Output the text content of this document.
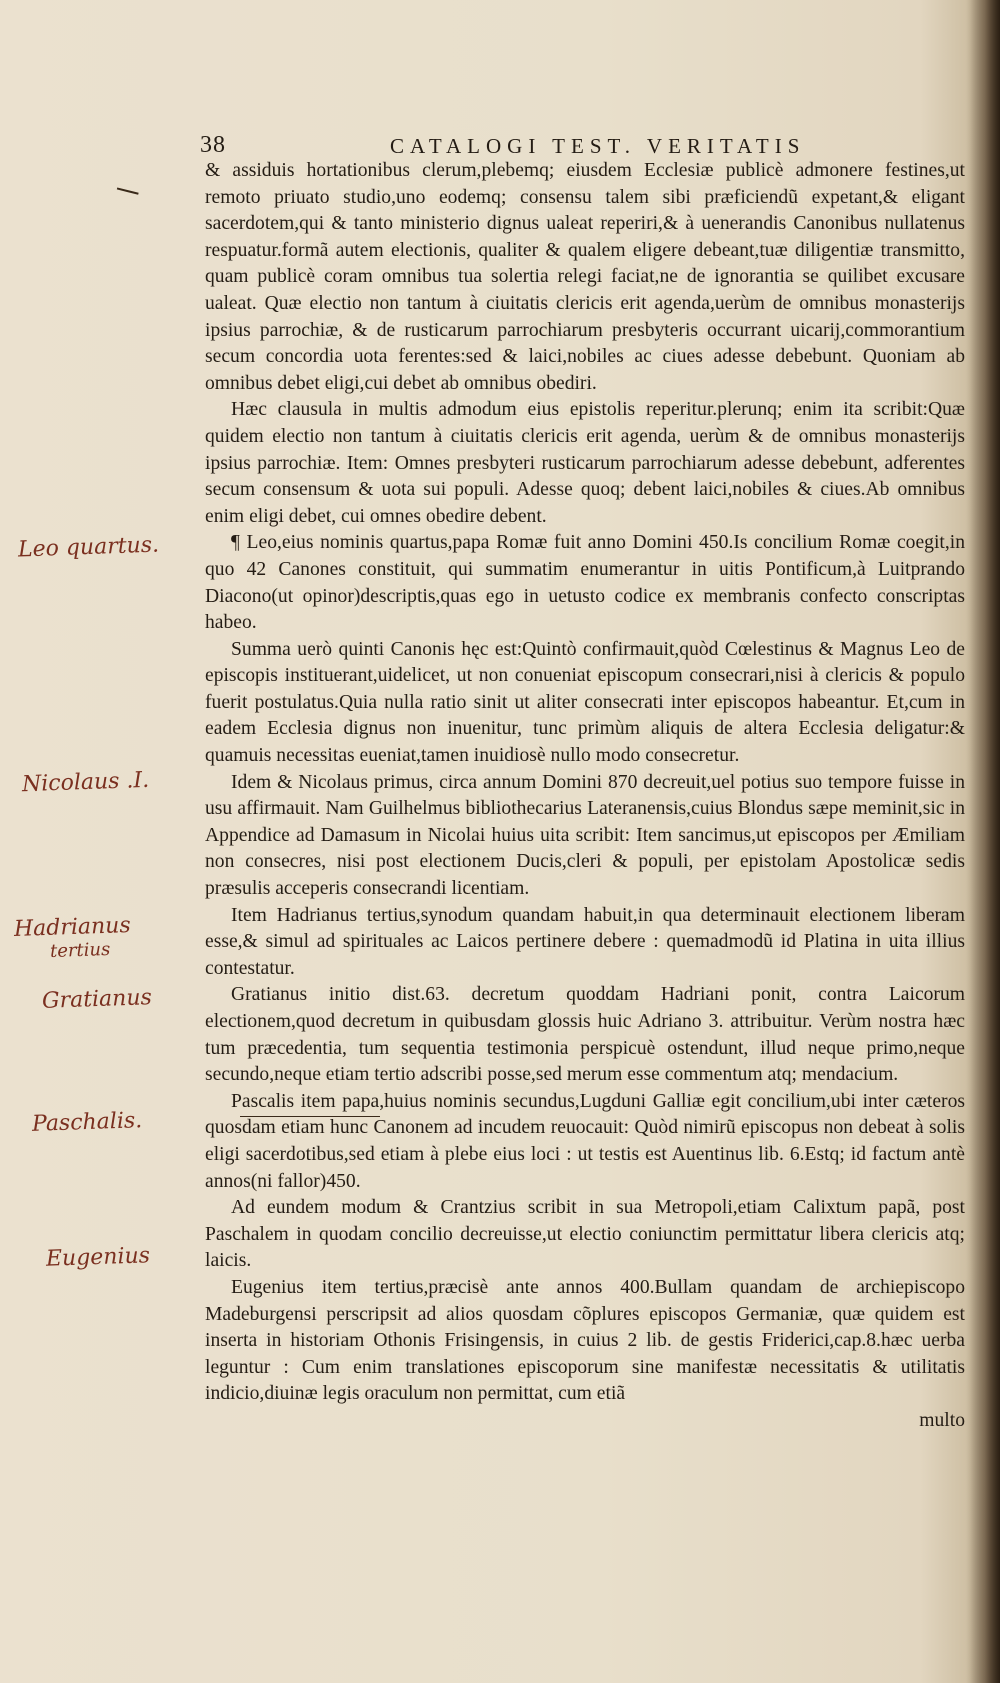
38	CATALOGI TEST. VERITATIS
Leo quartus.
Nicolaus .I.
Hadrianus
tertius
Gratianus
Paschalis.
Eugenius

& assiduis hortationibus clerum,plebemq; eiusdem Ecclesiæ publicè admonere festines,ut remoto priuato studio,uno eodemq; consensu talem sibi præficiendũ expetant,& eligant sacerdotem,qui & tanto ministerio dignus ualeat reperiri,& à uenerandis Canonibus nullatenus respuatur.formã autem electionis, qualiter & qualem eligere debeant,tuæ diligentiæ transmitto, quam publicè coram omnibus tua solertia relegi faciat,ne de ignorantia se quilibet excusare ualeat. Quæ electio non tantum à ciuitatis clericis erit agenda,uerùm de omnibus monasterijs ipsius parrochiæ, & de rusticarum parrochiarum presbyteris occurrant uicarij,commorantium secum concordia uota ferentes:sed & laici,nobiles ac ciues adesse debebunt. Quoniam ab omnibus debet eligi,cui debet ab omnibus obediri.

Hæc clausula in multis admodum eius epistolis reperitur.plerunq; enim ita scribit:Quæ quidem electio non tantum à ciuitatis clericis erit agenda, uerùm & de omnibus monasterijs ipsius parrochiæ. Item: Omnes presbyteri rusticarum parrochiarum adesse debebunt, adferentes secum consensum & uota sui populi. Adesse quoq; debent laici,nobiles & ciues.Ab omnibus enim eligi debet, cui omnes obedire debent.

¶ Leo,eius nominis quartus,papa Romæ fuit anno Domini 450.Is concilium Romæ coegit,in quo 42 Canones constituit, qui summatim enumerantur in uitis Pontificum,à Luitprando Diacono(ut opinor)descriptis,quas ego in uetusto codice ex membranis confecto conscriptas habeo.

Summa uerò quinti Canonis hęc est:Quintò confirmauit,quòd Cœlestinus & Magnus Leo de episcopis instituerant,uidelicet, ut non conueniat episcopum consecrari,nisi à clericis & populo fuerit postulatus.Quia nulla ratio sinit ut aliter consecrati inter episcopos habeantur. Et,cum in eadem Ecclesia dignus non inuenitur, tunc primùm aliquis de altera Ecclesia deligatur:& quamuis necessitas eueniat,tamen inuidiosè nullo modo consecretur.

Idem & Nicolaus primus, circa annum Domini 870 decreuit,uel potius suo tempore fuisse in usu affirmauit. Nam Guilhelmus bibliothecarius Lateranensis,cuius Blondus sæpe meminit,sic in Appendice ad Damasum in Nicolai huius uita scribit: Item sancimus,ut episcopos per Æmiliam non consecres, nisi post electionem Ducis,cleri & populi, per epistolam Apostolicæ sedis præsulis acceperis consecrandi licentiam.

Item Hadrianus tertius,synodum quandam habuit,in qua determinauit electionem liberam esse,& simul ad spirituales ac Laicos pertinere debere : quemadmodũ id Platina in uita illius contestatur.

Gratianus initio dist.63. decretum quoddam Hadriani ponit, contra Laicorum electionem,quod decretum in quibusdam glossis huic Adriano 3. attribuitur. Verùm nostra hæc tum præcedentia, tum sequentia testimonia perspicuè ostendunt, illud neque primo,neque secundo,neque etiam tertio adscribi posse,sed merum esse commentum atq; mendacium.

Pascalis item papa,huius nominis secundus,Lugduni Galliæ egit concilium,ubi inter cæteros quosdam etiam hunc Canonem ad incudem reuocauit: Quòd nimirũ episcopus non debeat à solis eligi sacerdotibus,sed etiam à plebe eius loci : ut testis est Auentinus lib. 6.Estq; id factum antè annos(ni fallor)450.

Ad eundem modum & Crantzius scribit in sua Metropoli,etiam Calixtum papã, post Paschalem in quodam concilio decreuisse,ut electio coniunctim permittatur libera clericis atq; laicis.

Eugenius item tertius,præcisè ante annos 400.Bullam quandam de archiepiscopo Madeburgensi perscripsit ad alios quosdam cõplures episcopos Germaniæ, quæ quidem est inserta in historiam Othonis Frisingensis, in cuius 2 lib. de gestis Friderici,cap.8.hæc uerba leguntur : Cum enim translationes episcoporum sine manifestæ necessitatis & utilitatis indicio,diuinæ legis oraculum non permittat, cum etiã

multo
